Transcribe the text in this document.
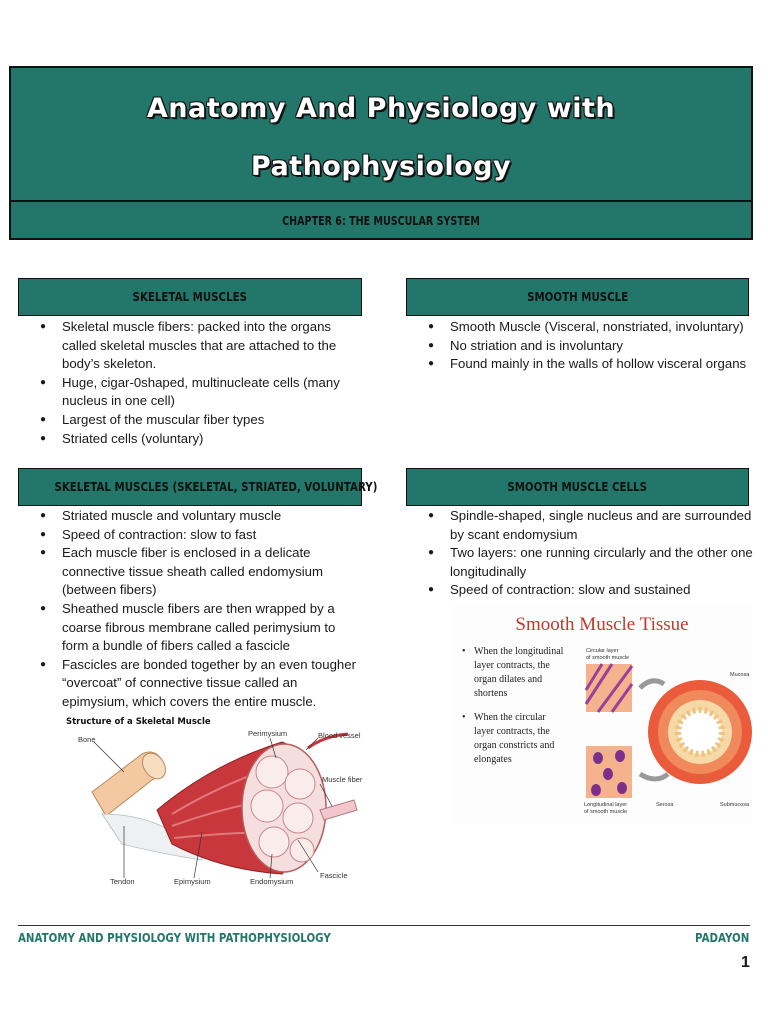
Anatomy And Physiology with
Pathophysiology
CHAPTER 6: THE MUSCULAR SYSTEM
SKELETAL MUSCLES	SMOOTH MUSCLE
SKELETAL MUSCLES (SKELETAL, STRIATED, VOLUNTARY)	SMOOTH MUSCLE CELLS
● Skeletal muscle fibers: packed into the organs called skeletal muscles that are attached to the body’s skeleton.
● Huge, cigar-0shaped, multinucleate cells (many nucleus in one cell)
● Largest of the muscular fiber types
● Striated cells (voluntary)
● Smooth Muscle (Visceral, nonstriated, involuntary)
● No striation and is involuntary
● Found mainly in the walls of hollow visceral organs
● Striated muscle and voluntary muscle
● Speed of contraction: slow to fast
● Each muscle fiber is enclosed in a delicate connective tissue sheath called endomysium (between fibers)
● Sheathed muscle fibers are then wrapped by a coarse fibrous membrane called perimysium to form a bundle of fibers called a fascicle
● Fascicles are bonded together by an even tougher “overcoat” of connective tissue called an epimysium, which covers the entire muscle.
● Spindle-shaped, single nucleus and are surrounded by scant endomysium
● Two layers: one running circularly and the other one longitudinally
● Speed of contraction: slow and sustained
Structure of a Skeletal Muscle
Bone
Perimysium	Blood vessel
Muscle fiber
Tendon	Epimysium	Endomysium
Fascicle
Smooth Muscle Tissue
• When the longitudinal
layer contracts, the
organ dilates and
shortens
• When the circular
layer contracts, the
organ constricts and
elongates
Circular layer
of smooth muscle
Mucosa
Longitudinal layer
of smooth muscle
Serosa	Submucosa
ANATOMY AND PHYSIOLOGY WITH PATHOPHYSIOLOGY	PADAYON
1
